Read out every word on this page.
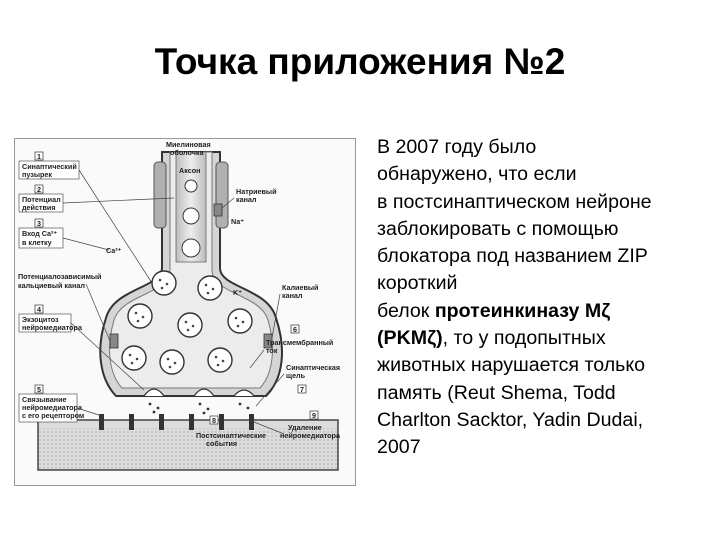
Точка приложения №2
Синаптический
пузырек
Потенциал
действия
Вход Ca²⁺
в клетку
Потенциалозависимый
кальциевый канал
Экзоцитоз
нейромедиатора
Связывание
нейромедиатора
с его рецептором
1
2
3
4
5
6
7
8
9
Миелиновая
оболочка
Аксон
Натриевый
канал
Na⁺
Ca²⁺
K⁺
Калиевый
канал
Трансмембранный
ток
Синаптическая
щель
Постсинаптические
события
Удаление
нейромедиатора
В 2007 году было
обнаружено, что если
в постсинаптическом нейроне
заблокировать с помощью
блокатора под названием ZIP
короткий
белок протеинкиназу Mζ
(PKMζ), то у подопытных
животных нарушается только
память (Reut Shema, Todd
Charlton Sacktor, Yadin Dudai,
2007
